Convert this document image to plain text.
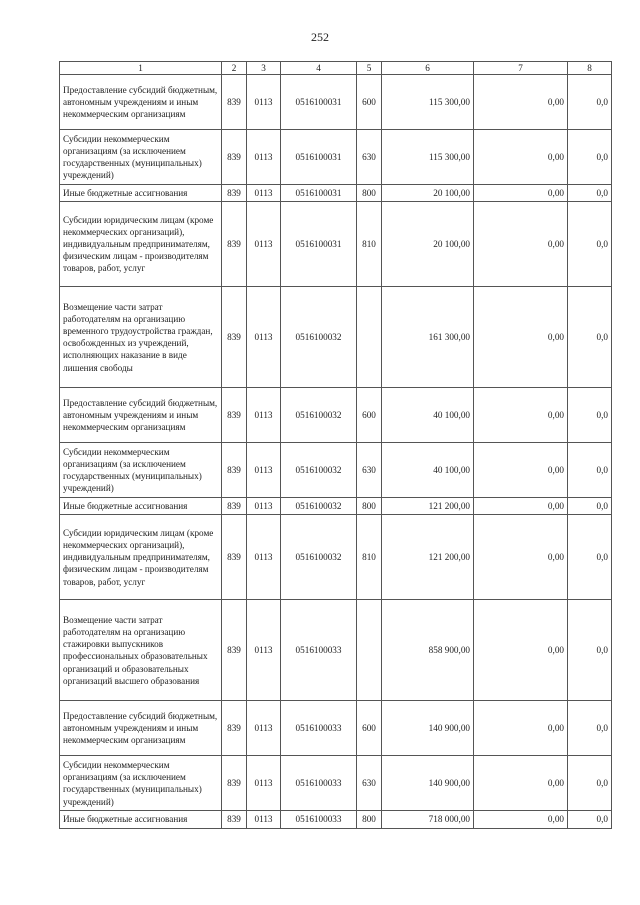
252
1	2	3	4	5	6	7	8
Предоставление субсидий бюджетным, автономным учреждениям и иным некоммерческим организациям	839	0113	0516100031	600	115 300,00	0,00	0,0
Субсидии некоммерческим организациям (за исключением государственных (муниципальных) учреждений)	839	0113	0516100031	630	115 300,00	0,00	0,0
Иные бюджетные ассигнования	839	0113	0516100031	800	20 100,00	0,00	0,0
Субсидии юридическим лицам (кроме некоммерческих организаций), индивидуальным предпринимателям, физическим лицам - производителям товаров, работ, услуг	839	0113	0516100031	810	20 100,00	0,00	0,0
Возмещение части затрат работодателям на организацию временного трудоустройства граждан, освобожденных из учреждений, исполняющих наказание в виде лишения свободы	839	0113	0516100032		161 300,00	0,00	0,0
Предоставление субсидий бюджетным, автономным учреждениям и иным некоммерческим организациям	839	0113	0516100032	600	40 100,00	0,00	0,0
Субсидии некоммерческим организациям (за исключением государственных (муниципальных) учреждений)	839	0113	0516100032	630	40 100,00	0,00	0,0
Иные бюджетные ассигнования	839	0113	0516100032	800	121 200,00	0,00	0,0
Субсидии юридическим лицам (кроме некоммерческих организаций), индивидуальным предпринимателям, физическим лицам - производителям товаров, работ, услуг	839	0113	0516100032	810	121 200,00	0,00	0,0
Возмещение части затрат работодателям на организацию стажировки выпускников профессиональных образовательных организаций и образовательных организаций высшего образования	839	0113	0516100033		858 900,00	0,00	0,0
Предоставление субсидий бюджетным, автономным учреждениям и иным некоммерческим организациям	839	0113	0516100033	600	140 900,00	0,00	0,0
Субсидии некоммерческим организациям (за исключением государственных (муниципальных) учреждений)	839	0113	0516100033	630	140 900,00	0,00	0,0
Иные бюджетные ассигнования	839	0113	0516100033	800	718 000,00	0,00	0,0
